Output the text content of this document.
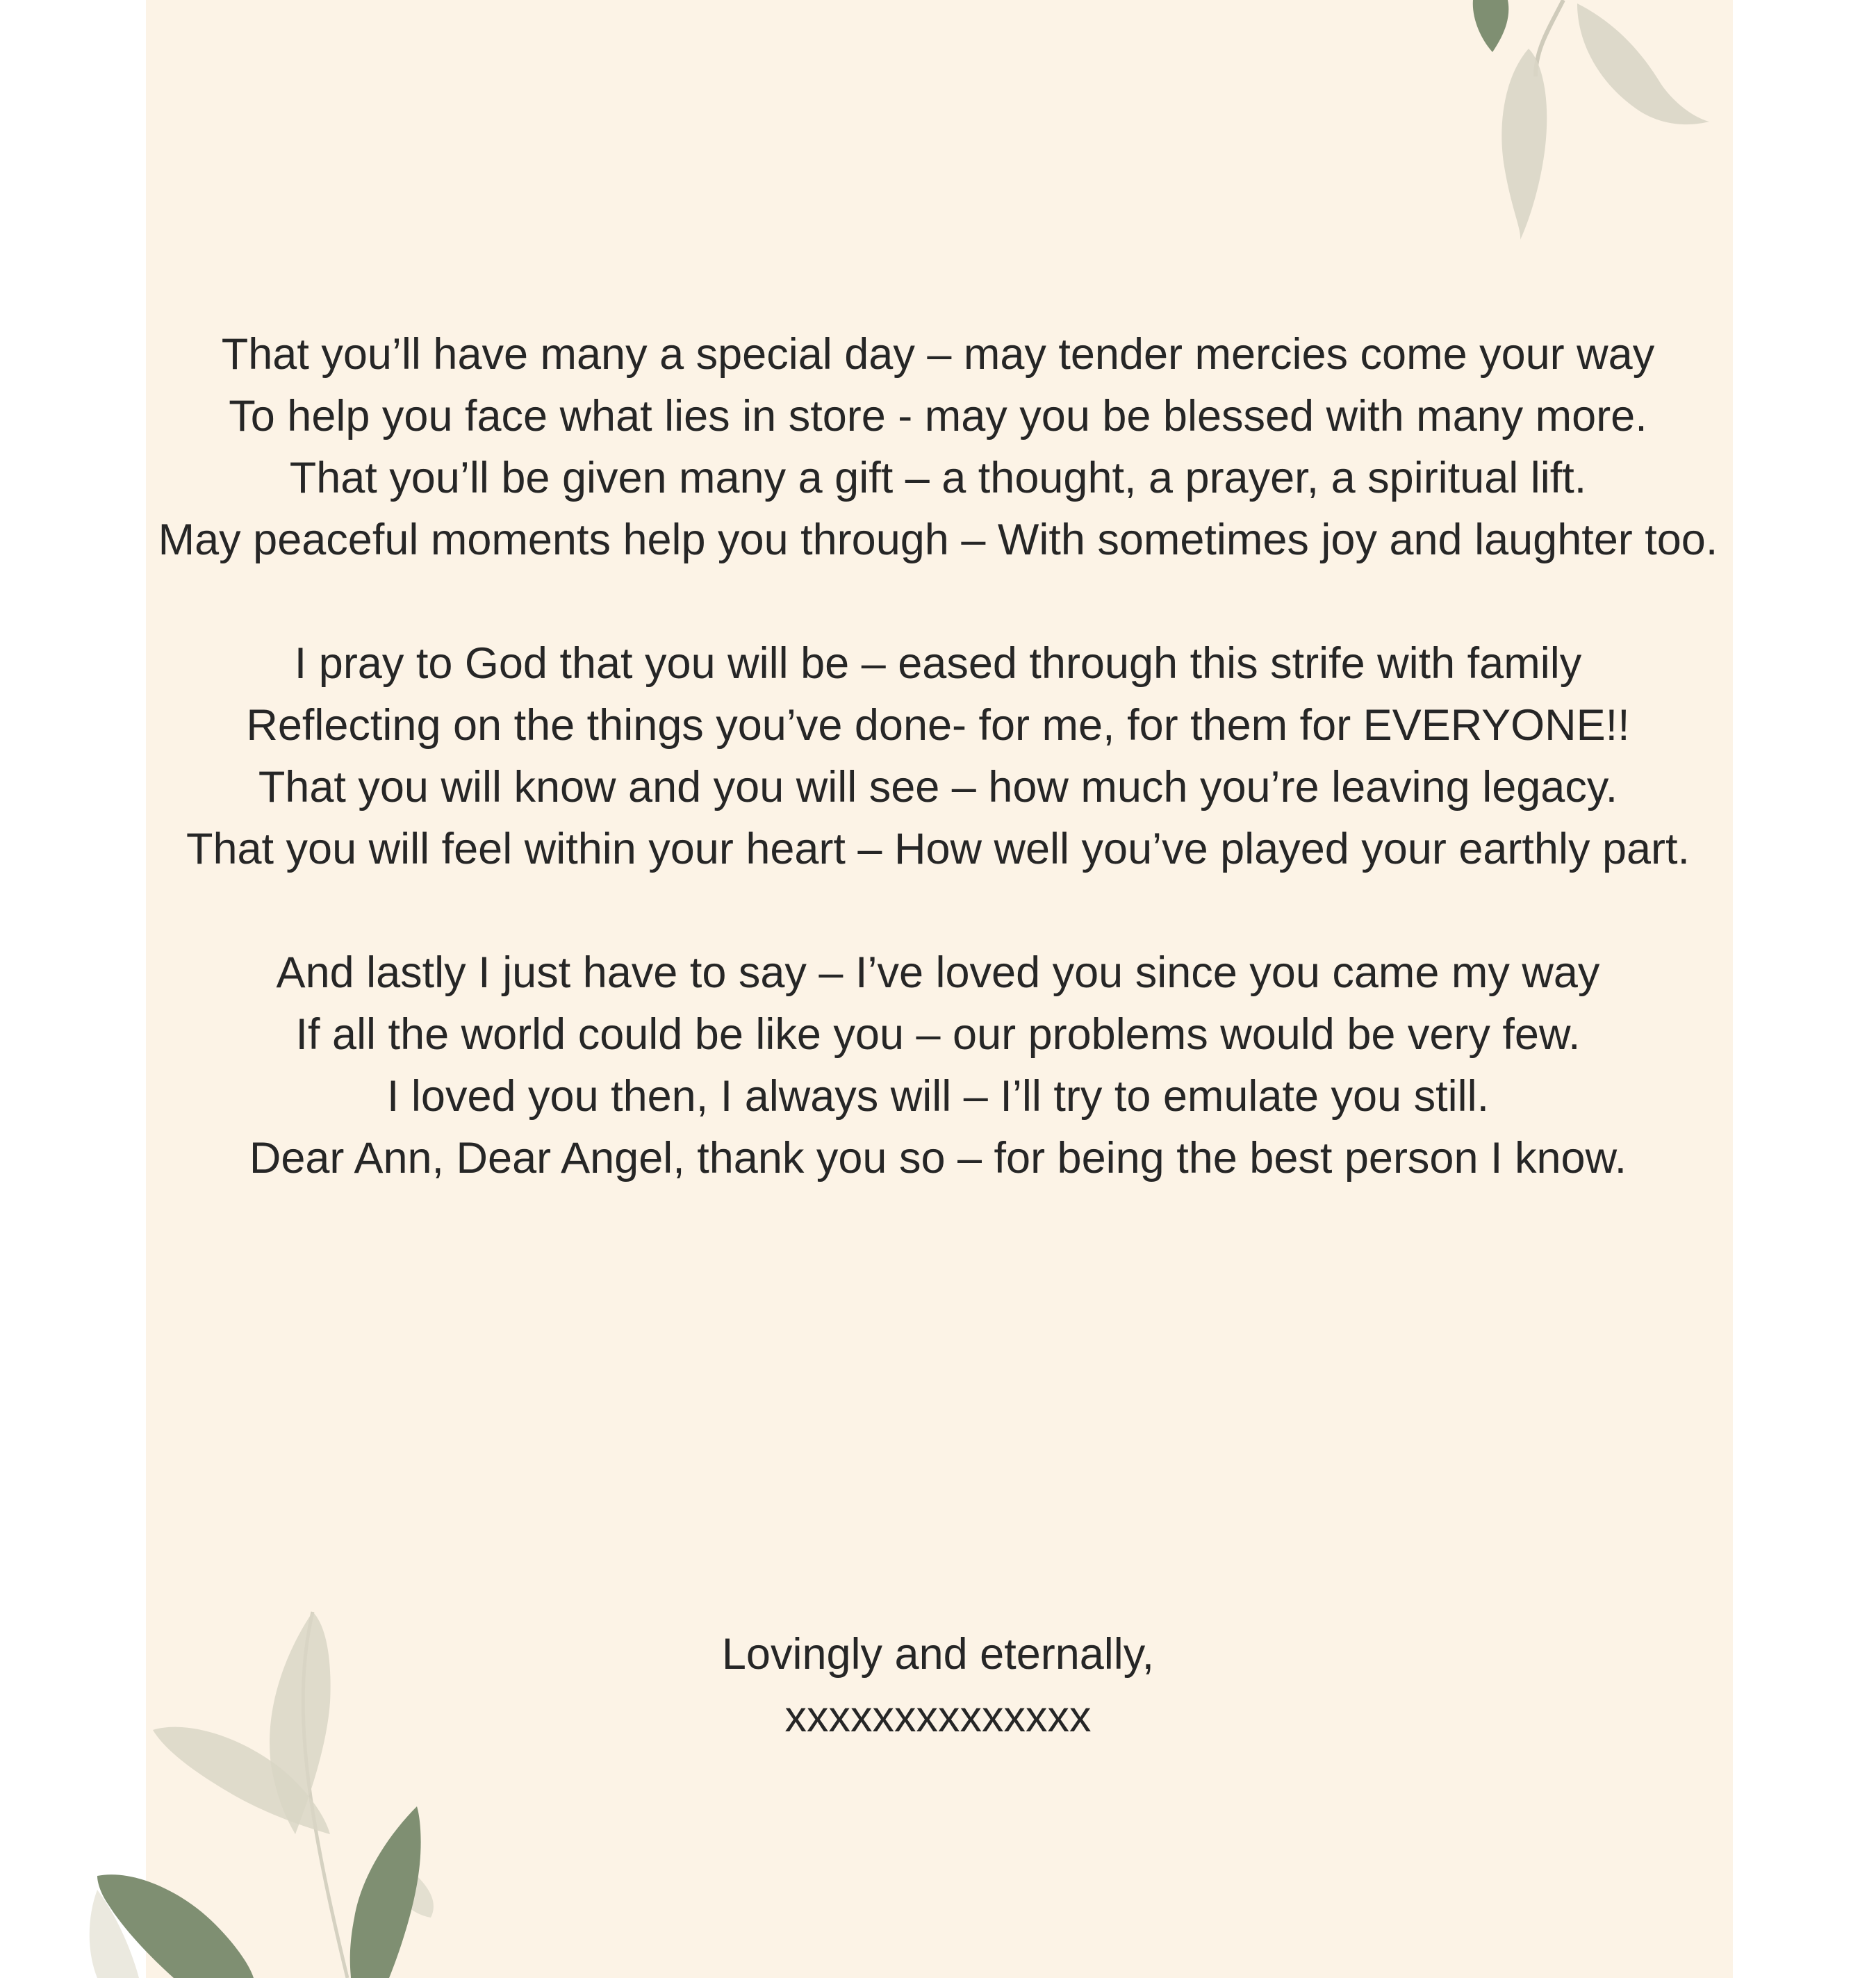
That you’ll have many a special day – may tender mercies come your way
To help you face what lies in store - may you be blessed with many more.
That you’ll be given many a gift – a thought, a prayer, a spiritual lift.
May peaceful moments help you through – With sometimes joy and laughter too.
I pray to God that you will be – eased through this strife with family
Reflecting on the things you’ve done- for me, for them for EVERYONE!!
That you will know and you will see – how much you’re leaving legacy.
That you will feel within your heart – How well you’ve played your earthly part.
And lastly I just have to say – I’ve loved you since you came my way
If all the world could be like you – our problems would be very few.
I loved you then, I always will – I’ll try to emulate you still.
Dear Ann, Dear Angel, thank you so – for being the best person I know.
Lovingly and eternally,
xxxxxxxxxxxxxx
